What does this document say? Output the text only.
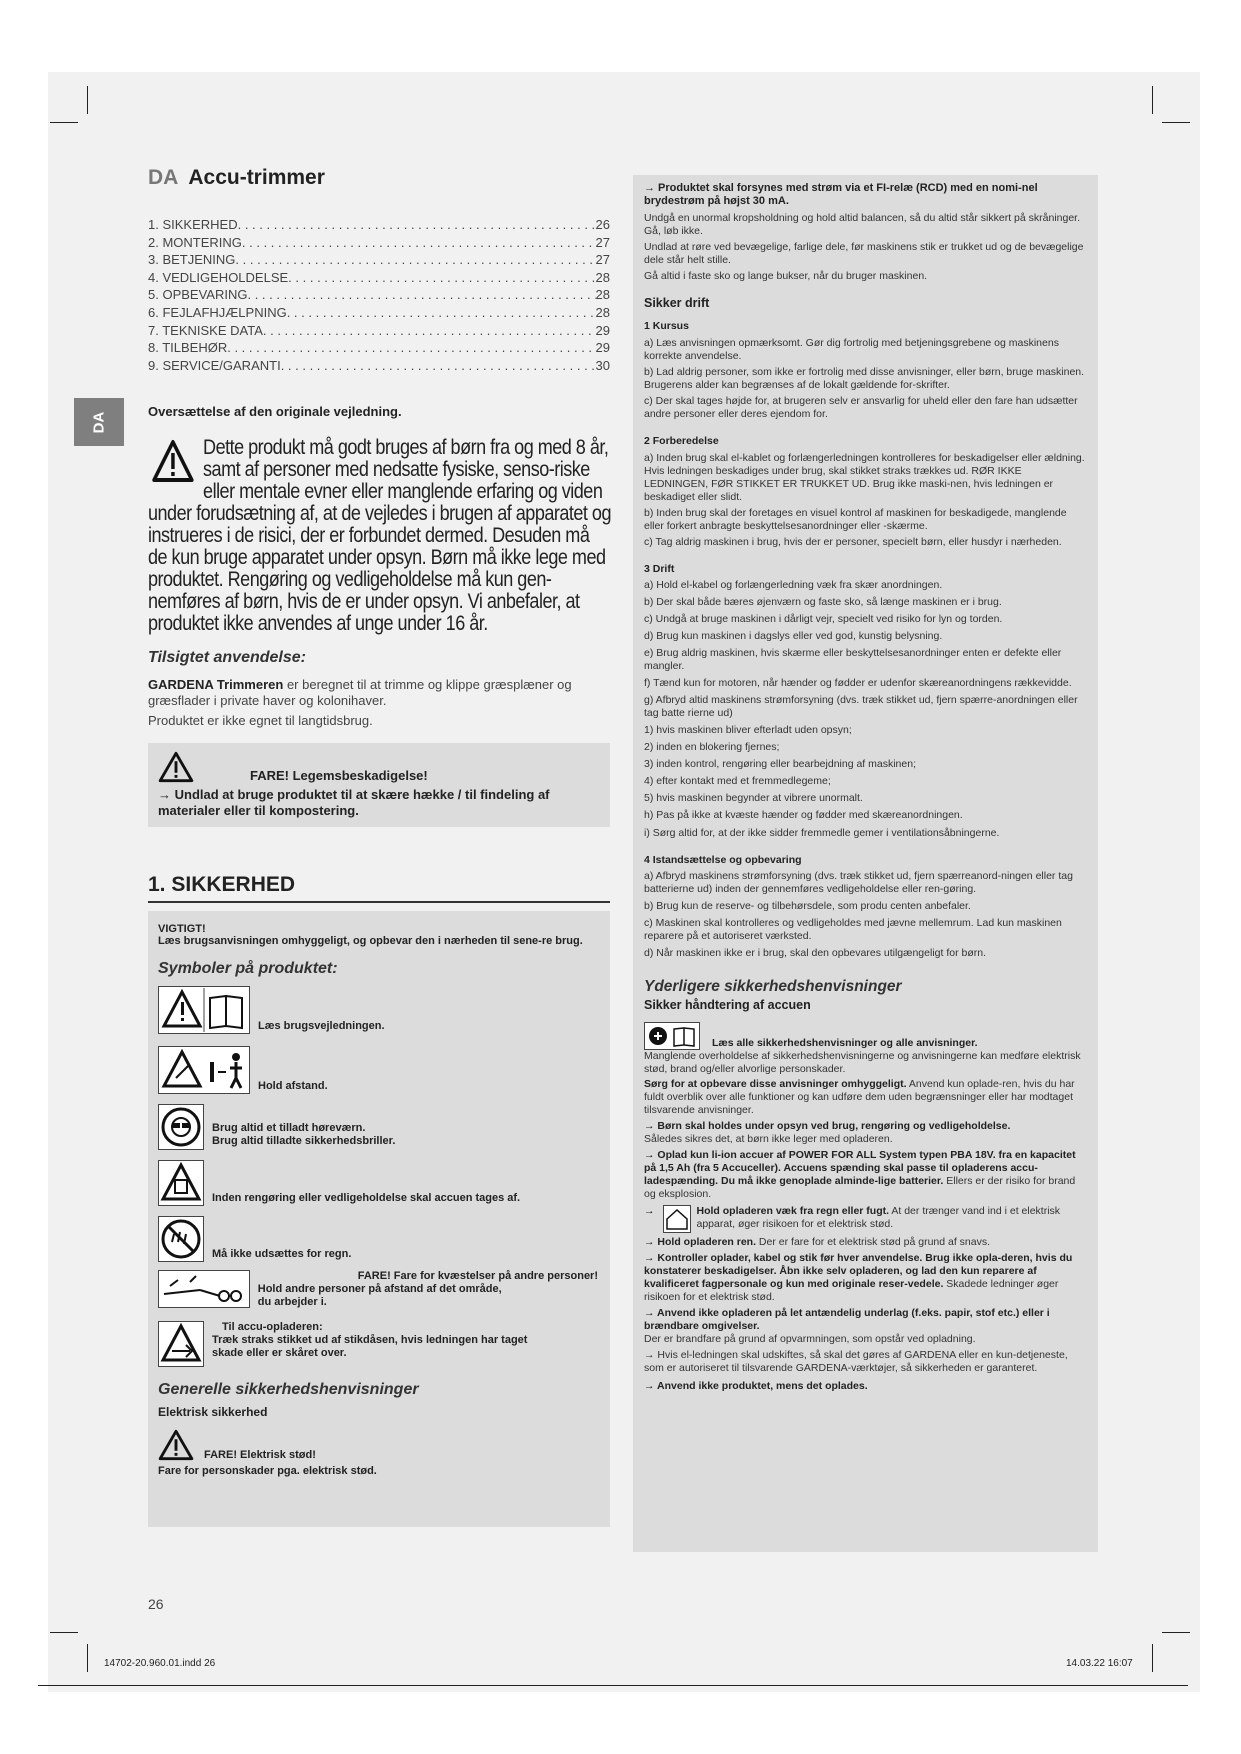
DA
DA Accu-trimmer
1. SIKKERHED . . .	26
2. MONTERING . . .	27
3. BETJENING . . .	27
4. VEDLIGEHOLDELSE . . .	28
5. OPBEVARING . . .	28
6. FEJLAFHJÆLPNING . . .	28
7. TEKNISKE DATA . . .	29
8. TILBEHØR . . .	29
9. SERVICE/GARANTI . . .	30

Oversættelse af den originale vejledning.

Dette produkt må godt bruges af børn fra og med 8 år, samt af personer med nedsatte fysiske, senso-riske eller mentale evner eller manglende erfaring og viden under forudsætning af, at de vejledes i brugen af apparatet og instrueres i de risici, der er forbundet dermed. Desuden må de kun bruge apparatet under opsyn. Børn må ikke lege med produktet. Rengøring og vedligeholdelse må kun gen-nemføres af børn, hvis de er under opsyn. Vi anbefaler, at produktet ikke anvendes af unge under 16 år.
Tilsigtet anvendelse:

GARDENA Trimmeren er beregnet til at trimme og klippe græsplæner og græsflader i private haver og kolonihaver.

Produktet er ikke egnet til langtidsbrug.

FARE! Legemsbeskadigelse!

→ Undlad at bruge produktet til at skære hække / til findeling af materialer eller til kompostering.

1. SIKKERHED
VIGTIGT!
Læs brugsanvisningen omhyggeligt, og opbevar den i nærheden til sene-re brug.
Symboler på produktet:
Læs brugsvejledningen.
Hold afstand.
Brug altid et tilladt høreværn.
Brug altid tilladte sikkerhedsbriller.
Inden rengøring eller vedligeholdelse skal accuen tages af.
Må ikke udsættes for regn.
FARE! Fare for kvæstelser på andre personer!
Hold andre personer på afstand af det område,
du arbejder i.
Til accu-opladeren:
Træk straks stikket ud af stikdåsen, hvis ledningen har taget
skade eller er skåret over.
Generelle sikkerhedshenvisninger
Elektrisk sikkerhed
FARE! Elektrisk stød!
Fare for personskader pga. elektrisk stød.

→ Produktet skal forsynes med strøm via et FI-relæ (RCD) med en nomi-nel brydestrøm på højst 30 mA.

Undgå en unormal kropsholdning og hold altid balancen, så du altid står sikkert på skråninger. Gå, løb ikke.

Undlad at røre ved bevægelige, farlige dele, før maskinens stik er trukket ud og de bevægelige dele står helt stille.

Gå altid i faste sko og lange bukser, når du bruger maskinen.

Sikker drift

1 Kursus

a) Læs anvisningen opmærksomt. Gør dig fortrolig med betjeningsgrebene og maskinens korrekte anvendelse.

b) Lad aldrig personer, som ikke er fortrolig med disse anvisninger, eller børn, bruge maskinen. Brugerens alder kan begrænses af de lokalt gældende for-skrifter.

c) Der skal tages højde for, at brugeren selv er ansvarlig for uheld eller den fare han udsætter andre personer eller deres ejendom for.

2 Forberedelse

a) Inden brug skal el-kablet og forlængerledningen kontrolleres for beskadigelser eller ældning. Hvis ledningen beskadiges under brug, skal stikket straks trækkes ud. RØR IKKE LEDNINGEN, FØR STIKKET ER TRUKKET UD. Brug ikke maski-nen, hvis ledningen er beskadiget eller slidt.

b) Inden brug skal der foretages en visuel kontrol af maskinen for beskadigede, manglende eller forkert anbragte beskyttelsesanordninger eller -skærme.

c) Tag aldrig maskinen i brug, hvis der er personer, specielt børn, eller husdyr i nærheden.

3 Drift

a) Hold el-kabel og forlængerledning væk fra skær anordningen.

b) Der skal både bæres øjenværn og faste sko, så længe maskinen er i brug.

c) Undgå at bruge maskinen i dårligt vejr, specielt ved risiko for lyn og torden.

d) Brug kun maskinen i dagslys eller ved god, kunstig belysning.

e) Brug aldrig maskinen, hvis skærme eller beskyttelsesanordninger enten er defekte eller mangler.

f) Tænd kun for motoren, når hænder og fødder er udenfor skæreanordningens rækkevidde.

g) Afbryd altid maskinens strømforsyning (dvs. træk stikket ud, fjern spærre-anordningen eller tag batte rierne ud)

1) hvis maskinen bliver efterladt uden opsyn;

2) inden en blokering fjernes;

3) inden kontrol, rengøring eller bearbejdning af maskinen;

4) efter kontakt med et fremmedlegeme;

5) hvis maskinen begynder at vibrere unormalt.

h) Pas på ikke at kvæste hænder og fødder med skæreanordningen.

i) Sørg altid for, at der ikke sidder fremmedle gemer i ventilationsåbningerne.

4 Istandsættelse og opbevaring

a) Afbryd maskinens strømforsyning (dvs. træk stikket ud, fjern spærreanord-ningen eller tag batterierne ud) inden der gennemføres vedligeholdelse eller ren-gøring.

b) Brug kun de reserve- og tilbehørsdele, som produ centen anbefaler.

c) Maskinen skal kontrolleres og vedligeholdes med jævne mellemrum. Lad kun maskinen reparere på et autoriseret værksted.

d) Når maskinen ikke er i brug, skal den opbevares utilgængeligt for børn.

Yderligere sikkerhedshenvisninger

Sikker håndtering af accuen

Læs alle sikkerhedshenvisninger og alle anvisninger.

Manglende overholdelse af sikkerhedshenvisningerne og anvisningerne kan medføre elektrisk stød, brand og/eller alvorlige personskader.

Sørg for at opbevare disse anvisninger omhyggeligt. Anvend kun oplade-ren, hvis du har fuldt overblik over alle funktioner og kan udføre dem uden begrænsninger eller har modtaget tilsvarende anvisninger.

→ Børn skal holdes under opsyn ved brug, rengøring og vedligeholdelse.

Således sikres det, at børn ikke leger med opladeren.

→ Oplad kun li-ion accuer af POWER FOR ALL System typen PBA 18V. fra en kapacitet på 1,5 Ah (fra 5 Accuceller). Accuens spænding skal passe til opladerens accu-ladespænding. Du må ikke genoplade alminde-lige batterier. Ellers er der risiko for brand og eksplosion.

→	Hold opladeren væk fra regn eller fugt. At der trænger vand ind i et elektrisk apparat, øger risikoen for et elektrisk stød.

→ Hold opladeren ren. Der er fare for et elektrisk stød på grund af snavs.

→ Kontroller oplader, kabel og stik før hver anvendelse. Brug ikke opla-deren, hvis du konstaterer beskadigelser. Åbn ikke selv opladeren, og lad den kun reparere af kvalificeret fagpersonale og kun med originale reser-vedele. Skadede ledninger øger risikoen for et elektrisk stød.

→ Anvend ikke opladeren på let antændelig underlag (f.eks. papir, stof etc.) eller i brændbare omgivelser.

Der er brandfare på grund af opvarmningen, som opstår ved opladning.

→ Hvis el-ledningen skal udskiftes, så skal det gøres af GARDENA eller en kun-detjeneste, som er autoriseret til tilsvarende GARDENA-værktøjer, så sikkerheden er garanteret.

→ Anvend ikke produktet, mens det oplades.

26
14702-20.960.01.indd 26	14.03.22 16:07
